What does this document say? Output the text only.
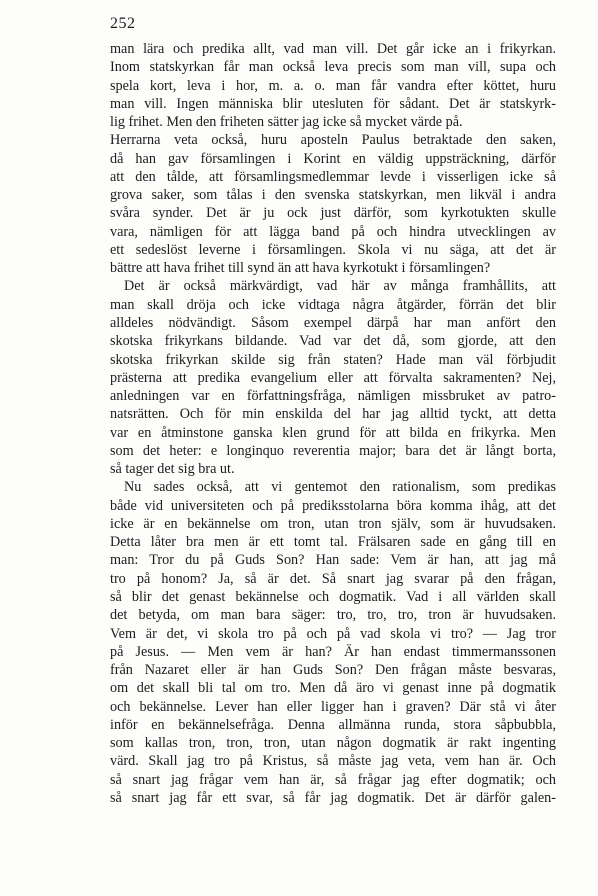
252

man lära och predika allt, vad man vill. Det går icke an i frikyrkan.
Inom statskyrkan får man också leva precis som man vill, supa och
spela kort, leva i hor, m. a. o. man får vandra efter köttet, huru
man vill. Ingen människa blir utesluten för sådant. Det är statskyrk-
lig frihet. Men den friheten sätter jag icke så mycket värde på.
Herrarna veta också, huru aposteln Paulus betraktade den saken,
då han gav församlingen i Korint en väldig uppsträckning, därför
att den tålde, att församlingsmedlemmar levde i visserligen icke så
grova saker, som tålas i den svenska statskyrkan, men likväl i andra
svåra synder. Det är ju ock just därför, som kyrkotukten skulle
vara, nämligen för att lägga band på och hindra utvecklingen av
ett sedeslöst leverne i församlingen. Skola vi nu säga, att det är
bättre att hava frihet till synd än att hava kyrkotukt i församlingen?
Det är också märkvärdigt, vad här av många framhållits, att
man skall dröja och icke vidtaga några åtgärder, förrän det blir
alldeles nödvändigt. Såsom exempel därpå har man anfört den
skotska frikyrkans bildande. Vad var det då, som gjorde, att den
skotska frikyrkan skilde sig från staten? Hade man väl förbjudit
prästerna att predika evangelium eller att förvalta sakramenten? Nej,
anledningen var en författningsfråga, nämligen missbruket av patro-
natsrätten. Och för min enskilda del har jag alltid tyckt, att detta
var en åtminstone ganska klen grund för att bilda en frikyrka. Men
som det heter: e longinquo reverentia major; bara det är långt borta,
så tager det sig bra ut.
Nu sades också, att vi gentemot den rationalism, som predikas
både vid universiteten och på prediksstolarna böra komma ihåg, att det
icke är en bekännelse om tron, utan tron själv, som är huvudsaken.
Detta låter bra men är ett tomt tal. Frälsaren sade en gång till en
man: Tror du på Guds Son? Han sade: Vem är han, att jag må
tro på honom? Ja, så är det. Så snart jag svarar på den frågan,
så blir det genast bekännelse och dogmatik. Vad i all världen skall
det betyda, om man bara säger: tro, tro, tro, tron är huvudsaken.
Vem är det, vi skola tro på och på vad skola vi tro? — Jag tror
på Jesus. — Men vem är han? Är han endast timmermanssonen
från Nazaret eller är han Guds Son? Den frågan måste besvaras,
om det skall bli tal om tro. Men då äro vi genast inne på dogmatik
och bekännelse. Lever han eller ligger han i graven? Där stå vi åter
inför en bekännelsefråga. Denna allmänna runda, stora såpbubbla,
som kallas tron, tron, tron, utan någon dogmatik är rakt ingenting
värd. Skall jag tro på Kristus, så måste jag veta, vem han är. Och
så snart jag frågar vem han är, så frågar jag efter dogmatik; och
så snart jag får ett svar, så får jag dogmatik. Det är därför galen-
